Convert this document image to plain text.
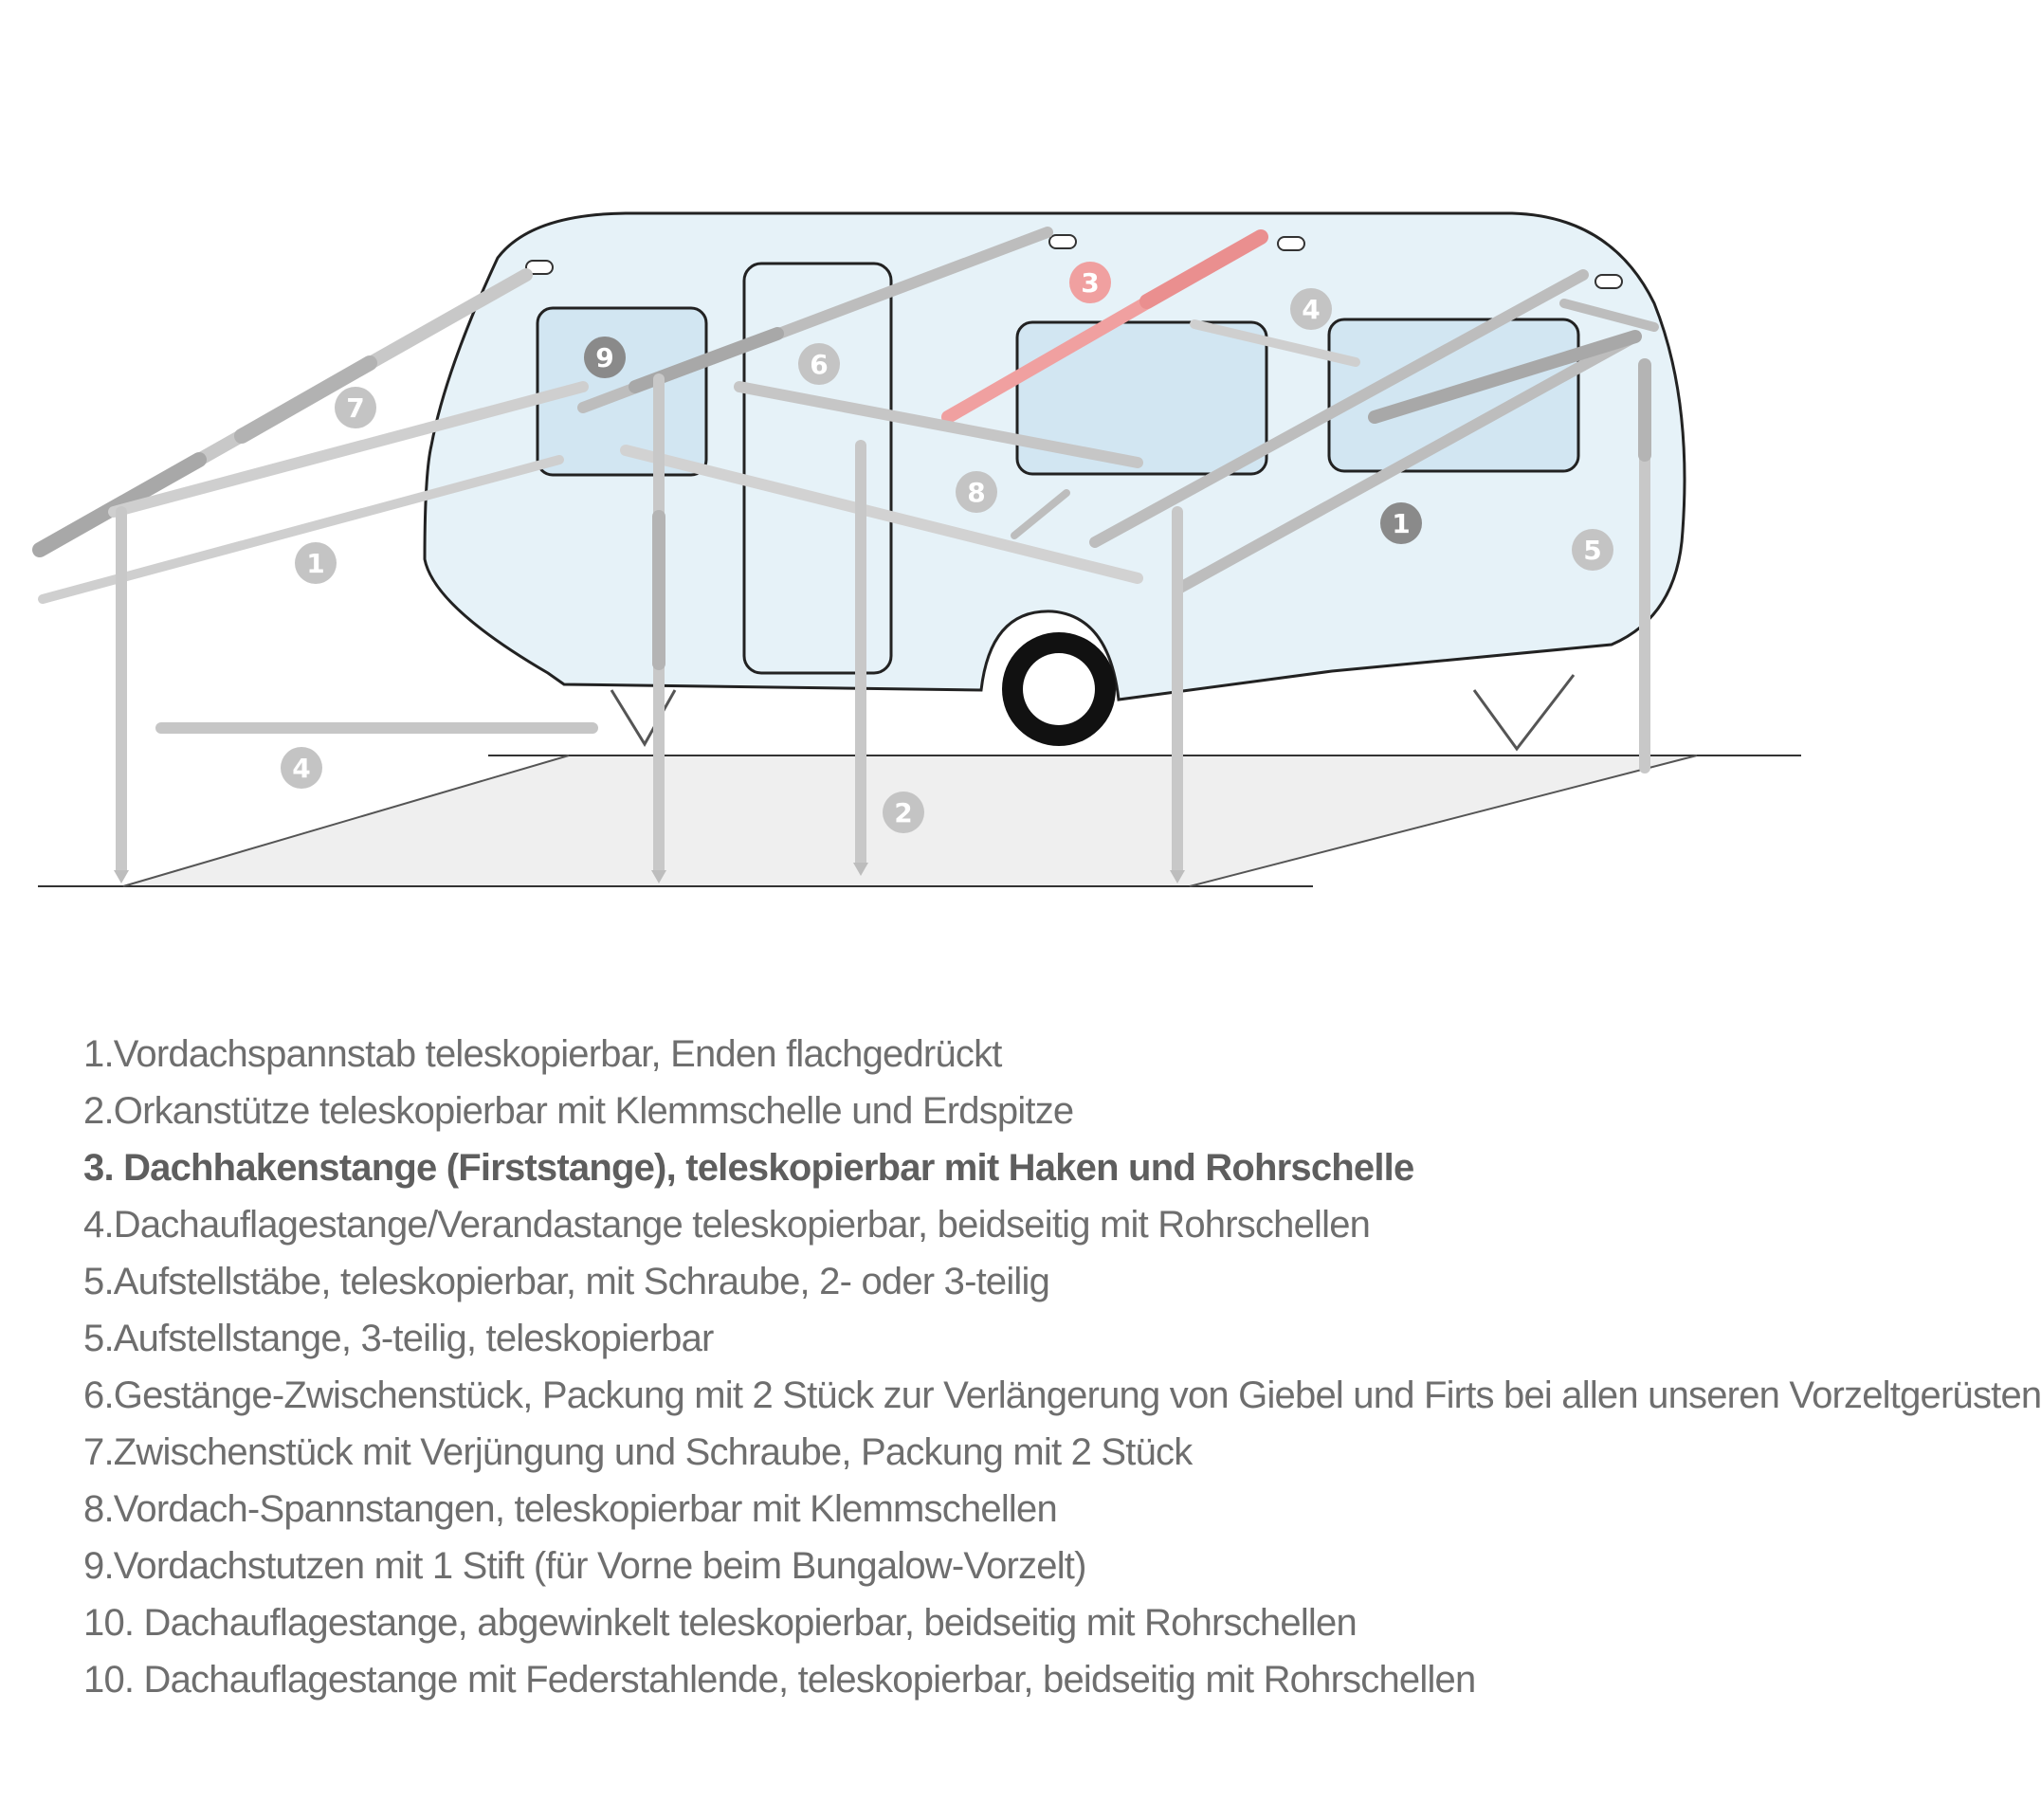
7
9	6
3
4
8
1
1
5
4
2
1.Vordachspannstab teleskopierbar, Enden flachgedrückt
2.Orkanstütze teleskopierbar mit Klemmschelle und Erdspitze
3. Dachhakenstange (Firststange), teleskopierbar mit Haken und Rohrschelle
4.Dachauflagestange/Verandastange teleskopierbar, beidseitig mit Rohrschellen
5.Aufstellstäbe, teleskopierbar, mit Schraube, 2- oder 3-teilig
5.Aufstellstange, 3-teilig, teleskopierbar
6.Gestänge-Zwischenstück, Packung mit 2 Stück zur Verlängerung von Giebel und Firts bei allen unseren Vorzeltgerüsten
7.Zwischenstück mit Verjüngung und Schraube, Packung mit 2 Stück
8.Vordach-Spannstangen, teleskopierbar mit Klemmschellen
9.Vordachstutzen mit 1 Stift (für Vorne beim Bungalow-Vorzelt)
10. Dachauflagestange, abgewinkelt teleskopierbar, beidseitig mit Rohrschellen
10. Dachauflagestange mit Federstahlende, teleskopierbar, beidseitig mit Rohrschellen
